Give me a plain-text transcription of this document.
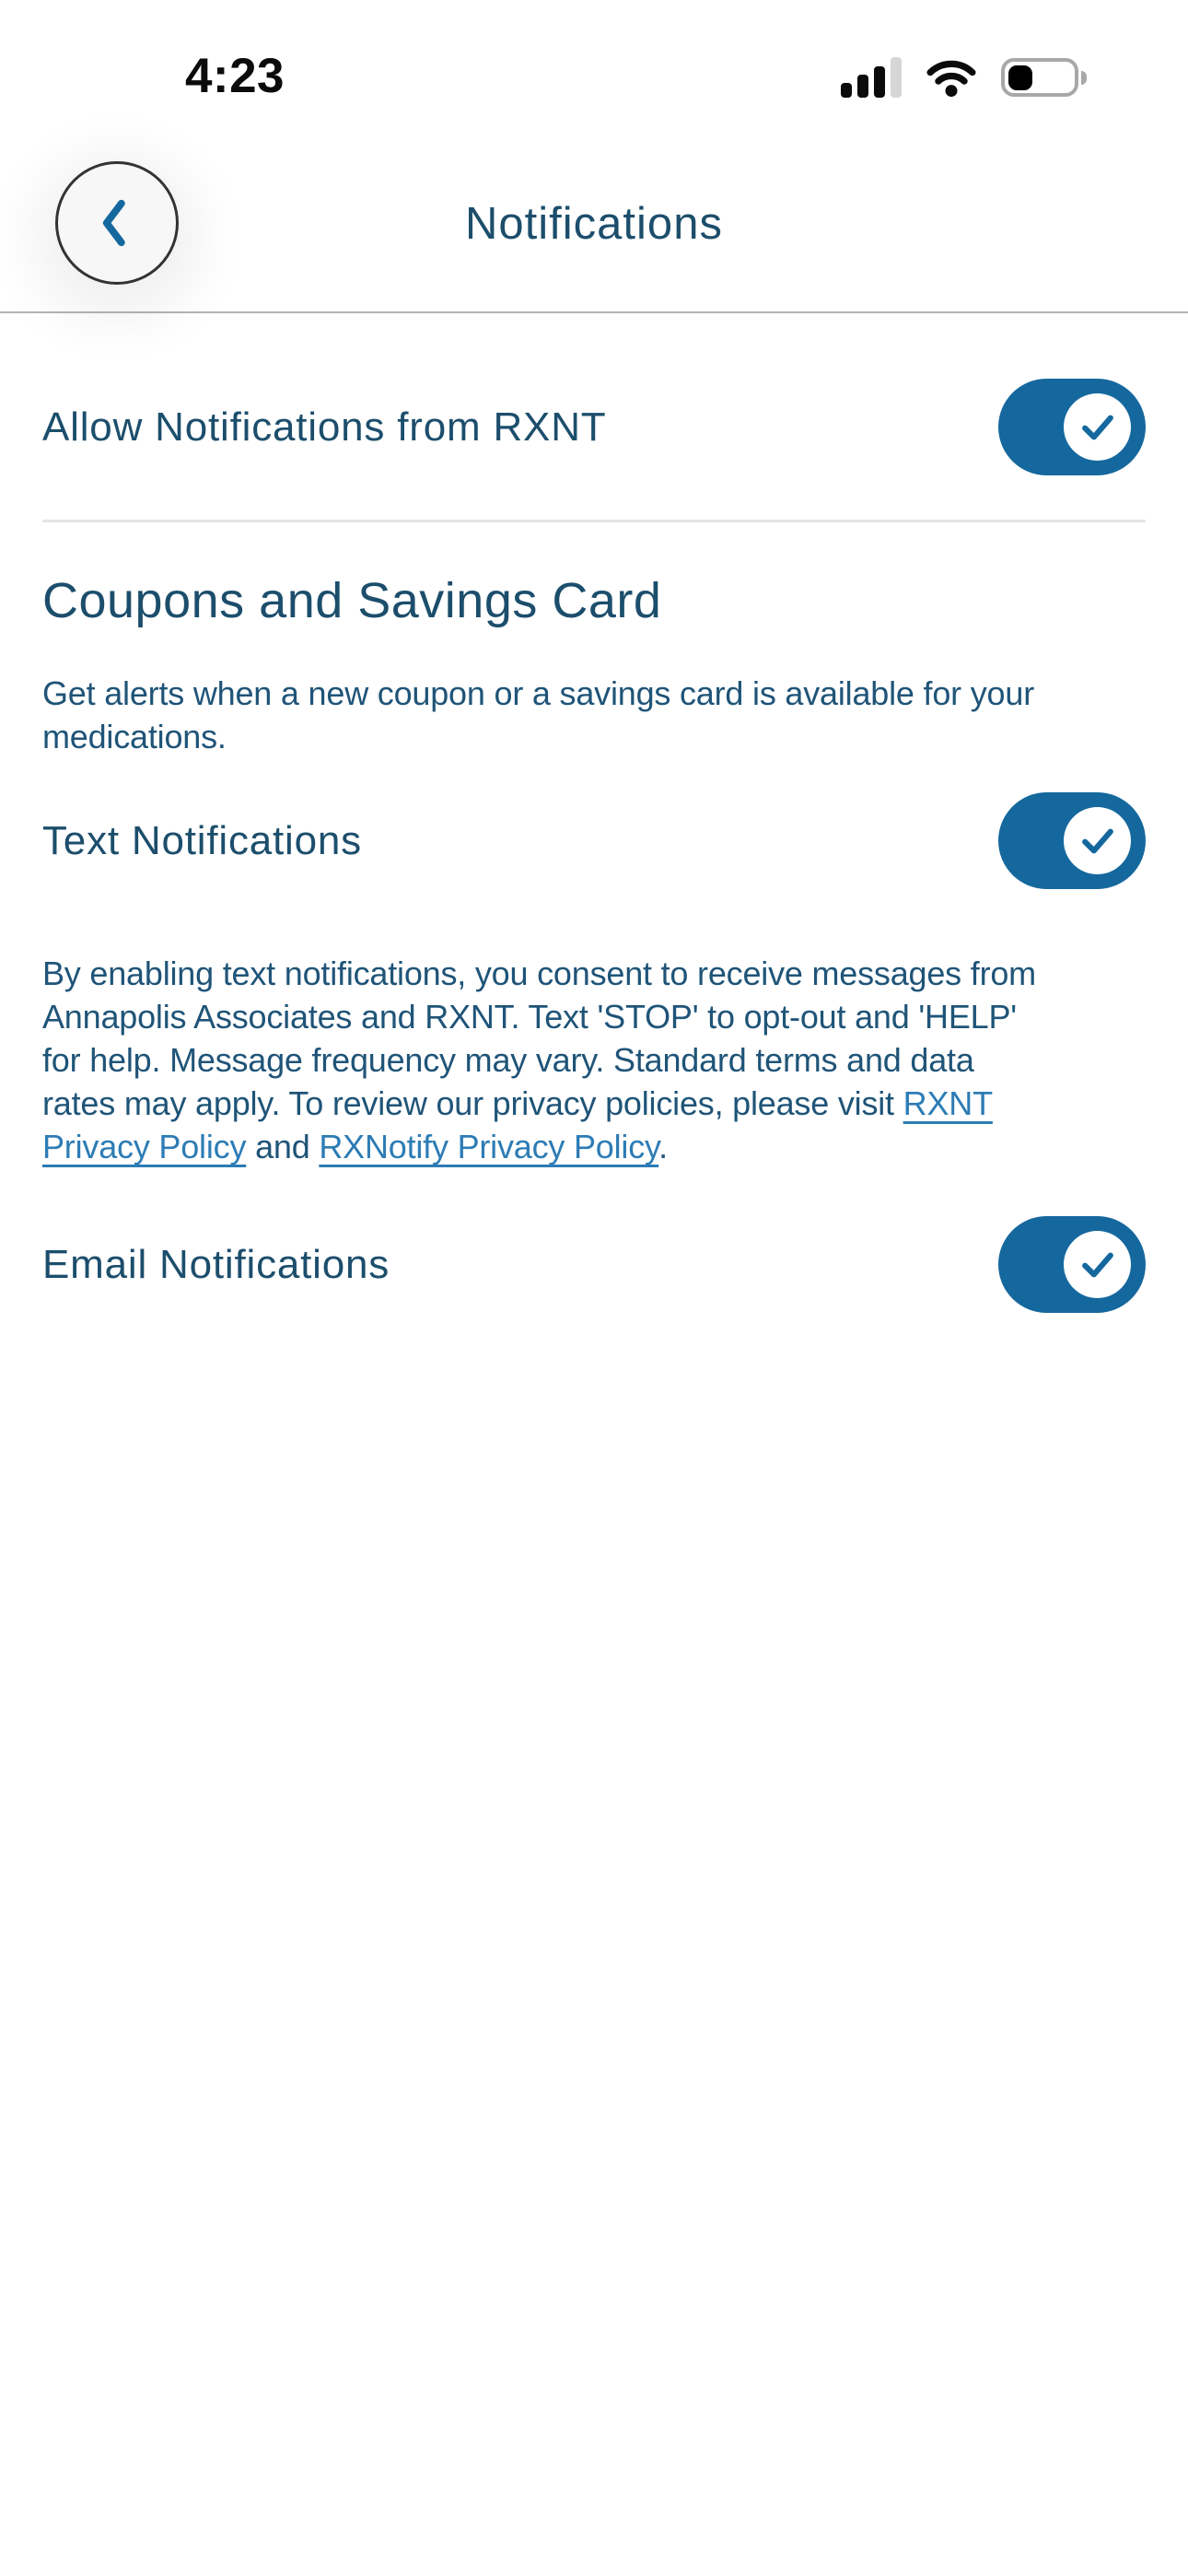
4:23
Notifications
Allow Notifications from RXNT
Coupons and Savings Card
Get alerts when a new coupon or a savings card is available for your
medications.
Text Notifications
By enabling text notifications, you consent to receive messages from
Annapolis Associates and RXNT. Text 'STOP' to opt-out and 'HELP'
for help. Message frequency may vary. Standard terms and data
rates may apply. To review our privacy policies, please visit RXNT
Privacy Policy and RXNotify Privacy Policy.
Email Notifications
